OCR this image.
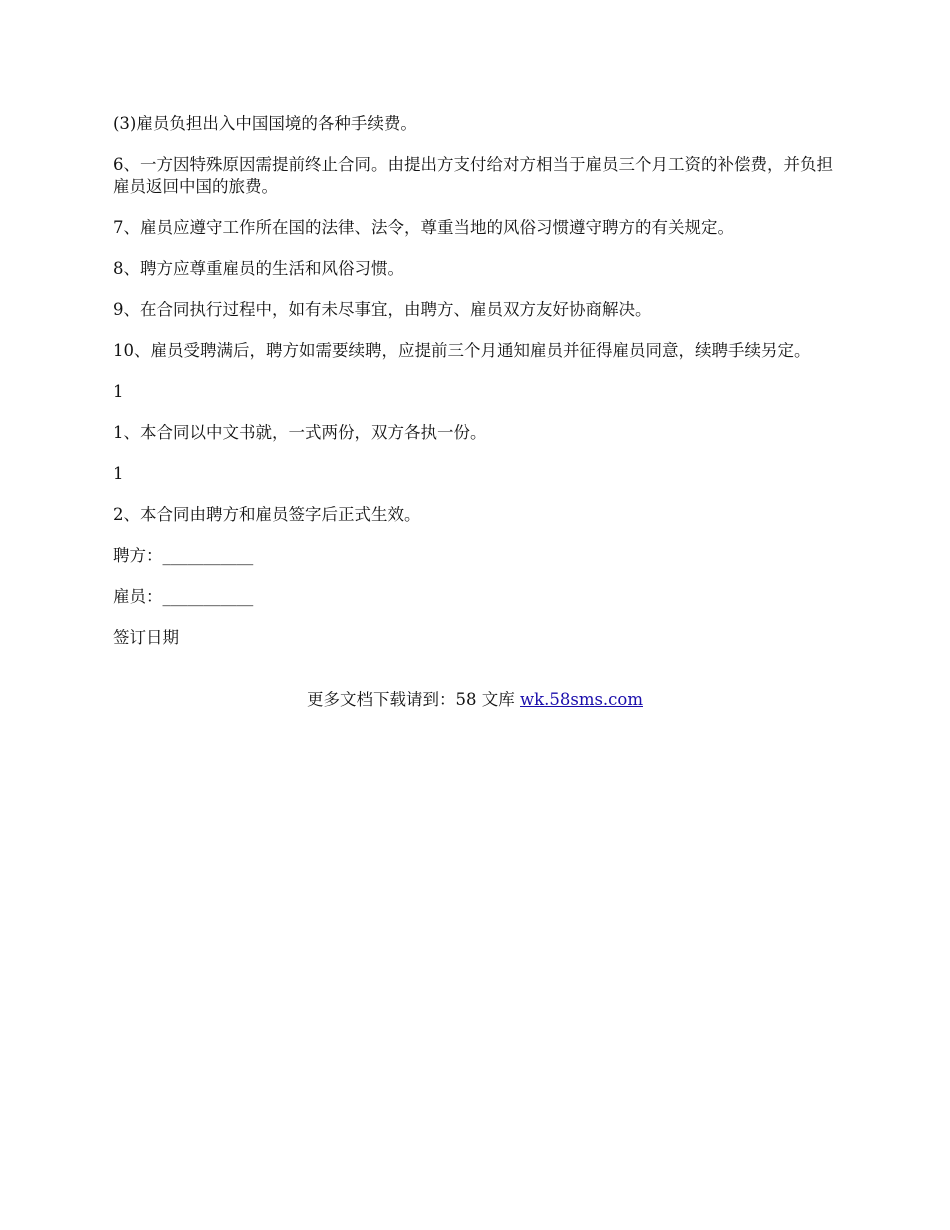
(3)雇员负担出入中国国境的各种手续费。

6、一方因特殊原因需提前终止合同。由提出方支付给对方相当于雇员三个月工资的补偿费，并负担雇员返回中国的旅费。

7、雇员应遵守工作所在国的法律、法令，尊重当地的风俗习惯遵守聘方的有关规定。

8、聘方应尊重雇员的生活和风俗习惯。

9、在合同执行过程中，如有未尽事宜，由聘方、雇员双方友好协商解决。

10、雇员受聘满后，聘方如需要续聘，应提前三个月通知雇员并征得雇员同意，续聘手续另定。

1

1、本合同以中文书就，一式两份，双方各执一份。

1

2、本合同由聘方和雇员签字后正式生效。

聘方：___________

雇员：___________

签订日期

更多文档下载请到：58 文库 wk.58sms.com
